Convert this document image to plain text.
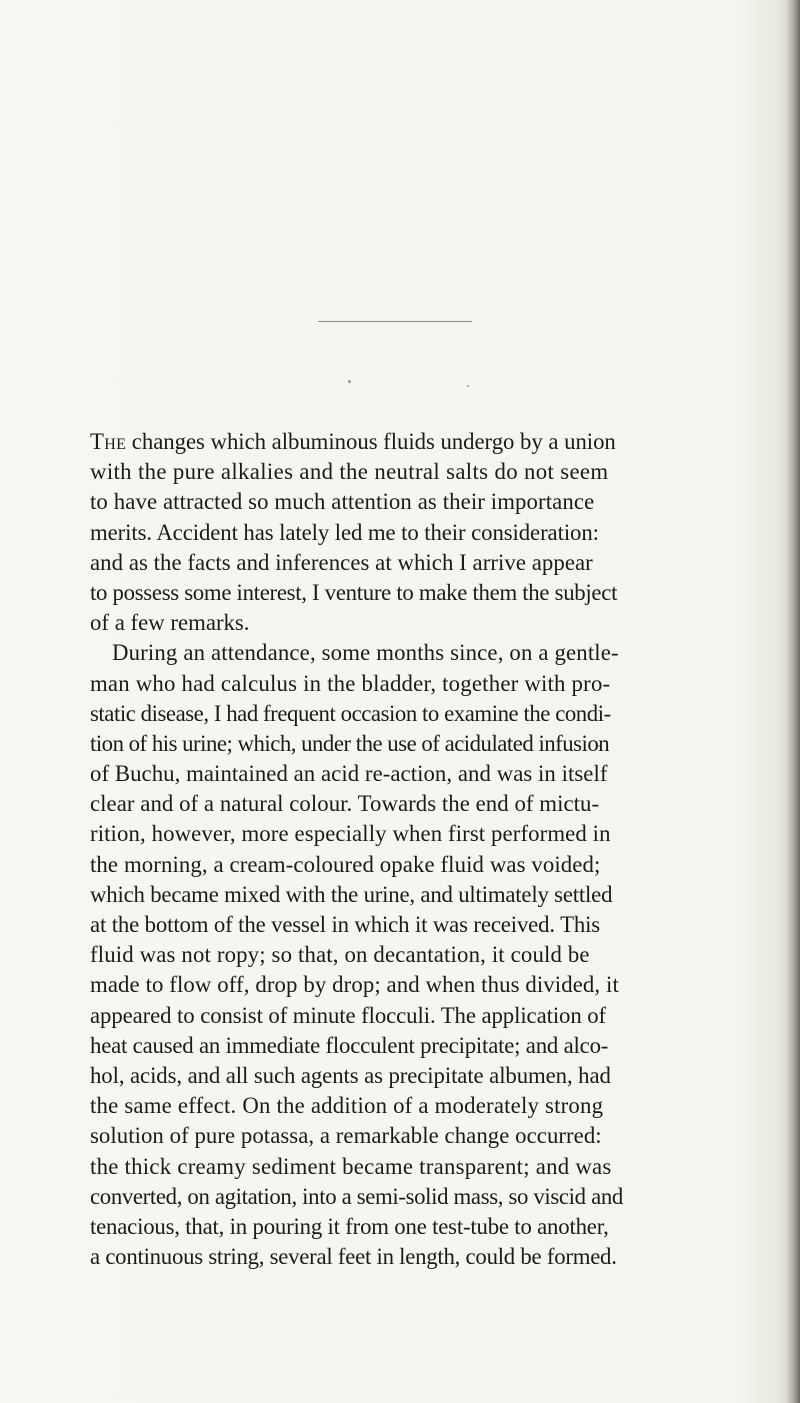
The changes which albuminous fluids undergo by a union
with the pure alkalies and the neutral salts do not seem
to have attracted so much attention as their importance
merits. Accident has lately led me to their consideration:
and as the facts and inferences at which I arrive appear
to possess some interest, I venture to make them the subject
of a few remarks.
During an attendance, some months since, on a gentle-
man who had calculus in the bladder, together with pro-
static disease, I had frequent occasion to examine the condi-
tion of his urine; which, under the use of acidulated infusion
of Buchu, maintained an acid re-action, and was in itself
clear and of a natural colour. Towards the end of mictu-
rition, however, more especially when first performed in
the morning, a cream-coloured opake fluid was voided;
which became mixed with the urine, and ultimately settled
at the bottom of the vessel in which it was received. This
fluid was not ropy; so that, on decantation, it could be
made to flow off, drop by drop; and when thus divided, it
appeared to consist of minute flocculi. The application of
heat caused an immediate flocculent precipitate; and alco-
hol, acids, and all such agents as precipitate albumen, had
the same effect. On the addition of a moderately strong
solution of pure potassa, a remarkable change occurred:
the thick creamy sediment became transparent; and was
converted, on agitation, into a semi-solid mass, so viscid and
tenacious, that, in pouring it from one test-tube to another,
a continuous string, several feet in length, could be formed.
